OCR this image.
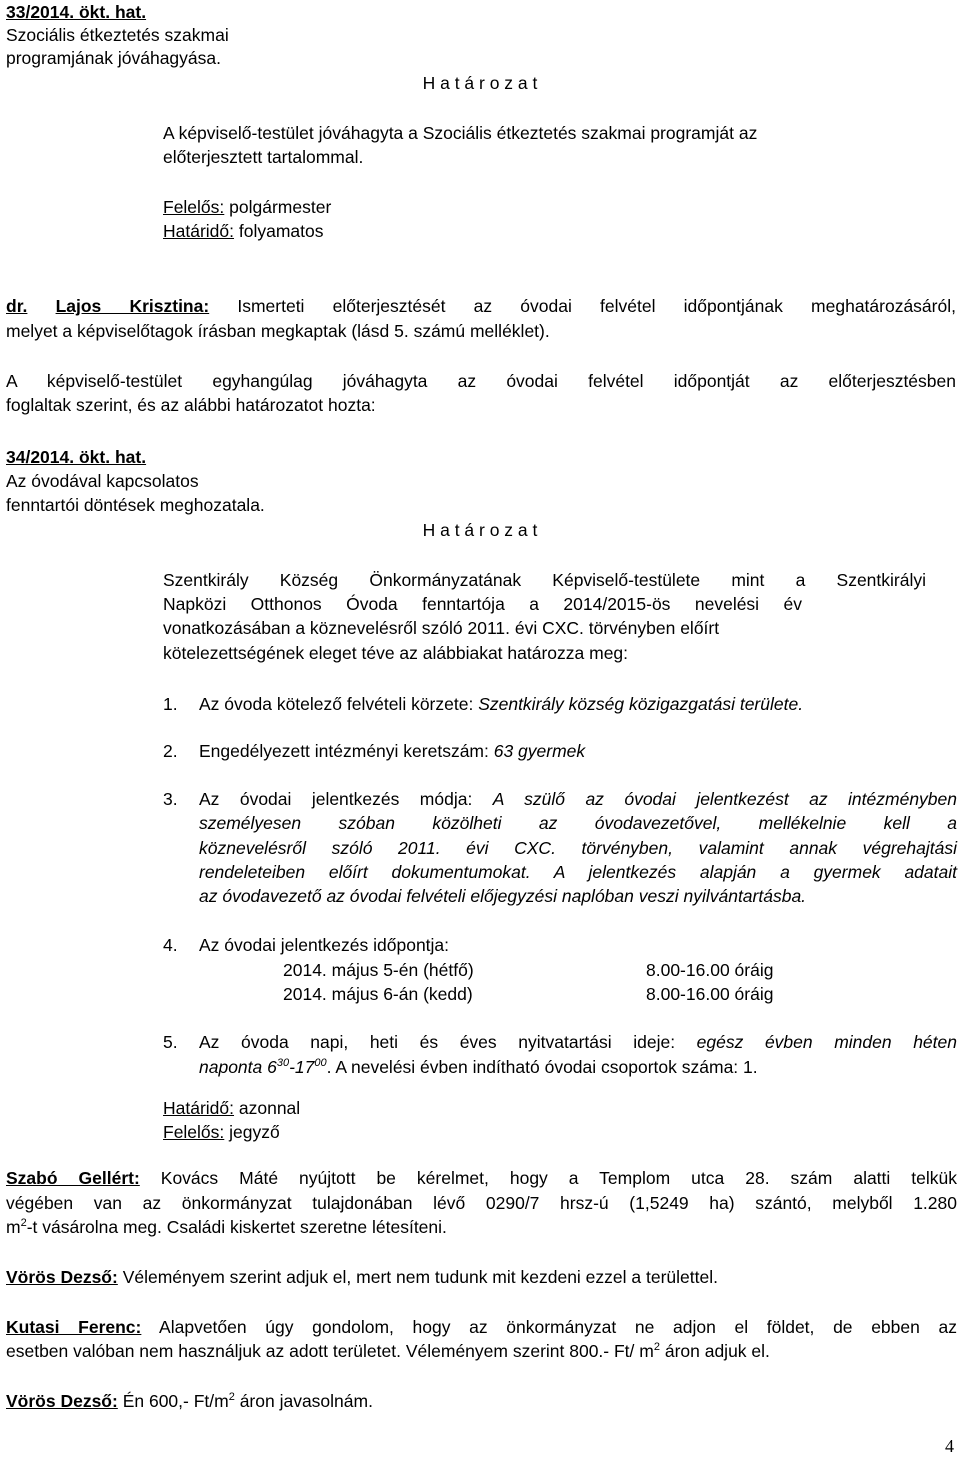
33/2014. ökt. hat.
Szociális étkeztetés szakmai
programjának jóváhagyása.
H a t á r o z a t
A képviselő-testület jóváhagyta a Szociális étkeztetés szakmai programját az
előterjesztett tartalommal.
Felelős: polgármester
Határidő: folyamatos
dr. Lajos Krisztina: Ismerteti előterjesztését az óvodai felvétel időpontjának meghatározásáról,
melyet a képviselőtagok írásban megkaptak (lásd 5. számú melléklet).
A képviselő-testület egyhangúlag jóváhagyta az óvodai felvétel időpontját az előterjesztésben
foglaltak szerint, és az alábbi határozatot hozta:
34/2014. ökt. hat.
Az óvodával kapcsolatos
fenntartói döntések meghozatala.
H a t á r o z a t
Szentkirály Község Önkormányzatának Képviselő-testülete mint a Szentkirályi
Napközi Otthonos Óvoda fenntartója a 2014/2015-ös nevelési év
vonatkozásában a köznevelésről szóló 2011. évi CXC. törvényben előírt
kötelezettségének eleget téve az alábbiakat határozza meg:
1. Az óvoda kötelező felvételi körzete: Szentkirály község közigazgatási területe.
2. Engedélyezett intézményi keretszám: 63 gyermek
3. Az óvodai jelentkezés módja: A szülő az óvodai jelentkezést az intézményben
személyesen szóban közölheti az óvodavezetővel, mellékelnie kell a
köznevelésről szóló 2011. évi CXC. törvényben, valamint annak végrehajtási
rendeleteiben előírt dokumentumokat. A jelentkezés alapján a gyermek adatait
az óvodavezető az óvodai felvételi előjegyzési naplóban veszi nyilvántartásba.
4. Az óvodai jelentkezés időpontja:
2014. május 5-én (hétfő)	8.00-16.00 óráig
2014. május 6-án (kedd)	8.00-16.00 óráig
5. Az óvoda napi, heti és éves nyitvatartási ideje: egész évben minden héten
naponta $6^{30}-17^{00}$. A nevelési évben indítható óvodai csoportok száma: 1.
Határidő: azonnal
Felelős: jegyző
Szabó Gellért: Kovács Máté nyújtott be kérelmet, hogy a Templom utca 28. szám alatti telkük
végében van az önkormányzat tulajdonában lévő 0290/7 hrsz-ú (1,5249 ha) szántó, melyből 1.280
$m^2-t$ vásárolna meg. Családi kiskertet szeretne létesíteni.
Vörös Dezső: Véleményem szerint adjuk el, mert nem tudunk mit kezdeni ezzel a területtel.
Kutasi Ferenc: Alapvetően úgy gondolom, hogy az önkormányzat ne adjon el földet, de ebben az
esetben valóban nem használjuk az adott területet. Véleményem szerint 800.- Ft/ $m^2$ áron adjuk el.
Vörös Dezső: Én 600,- $Ft/m^2$ áron javasolnám.
4
